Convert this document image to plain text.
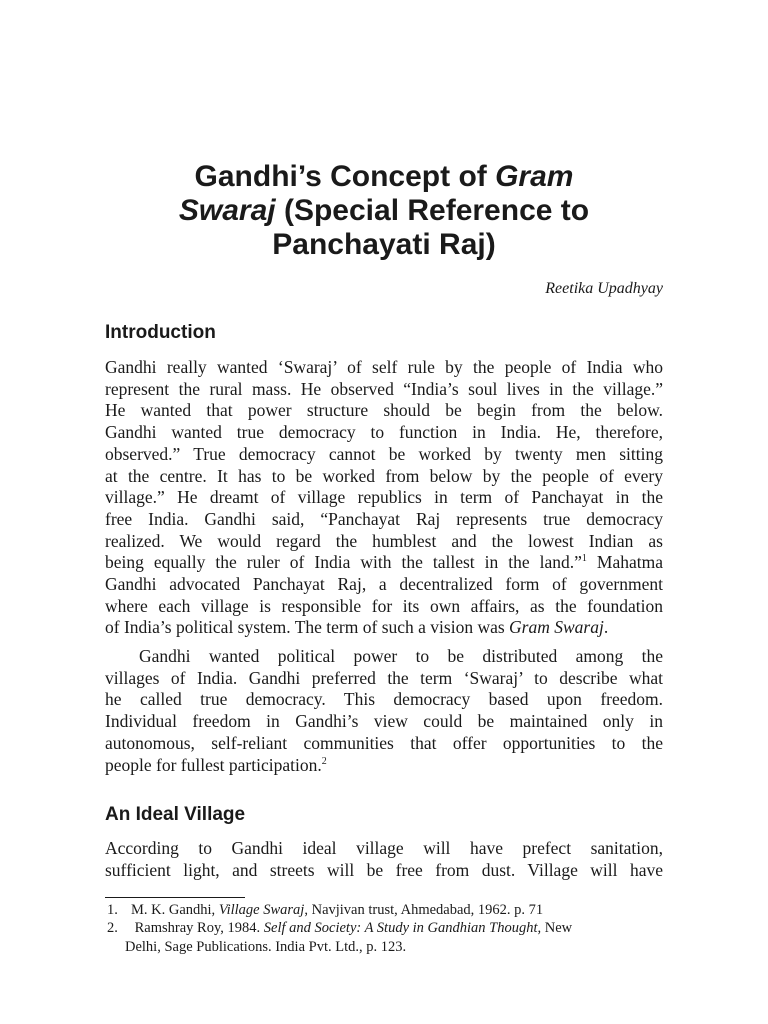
Gandhi’s Concept of Gram
Swaraj (Special Reference to
Panchayati Raj)
Reetika Upadhyay
Introduction
Gandhi really wanted ‘Swaraj’ of self rule by the people of India who
represent the rural mass. He observed “India’s soul lives in the village.”
He wanted that power structure should be begin from the below.
Gandhi wanted true democracy to function in India. He, therefore,
observed.” True democracy cannot be worked by twenty men sitting
at the centre. It has to be worked from below by the people of every
village.” He dreamt of village republics in term of Panchayat in the
free India. Gandhi said, “Panchayat Raj represents true democracy
realized. We would regard the humblest and the lowest Indian as
being equally the ruler of India with the tallest in the land.”$^1$ Mahatma
Gandhi advocated Panchayat Raj, a decentralized form of government
where each village is responsible for its own affairs, as the foundation
of India’s political system. The term of such a vision was Gram Swaraj.
Gandhi wanted political power to be distributed among the
villages of India. Gandhi preferred the term ‘Swaraj’ to describe what
he called true democracy. This democracy based upon freedom.
Individual freedom in Gandhi’s view could be maintained only in
autonomous, self-reliant communities that offer opportunities to the
people for fullest participation.$^2$
An Ideal Village
According to Gandhi ideal village will have prefect sanitation,
sufficient light, and streets will be free from dust. Village will have
1. M. K. Gandhi, Village Swaraj, Navjivan trust, Ahmedabad, 1962. p. 71
2. Ramshray Roy, 1984. Self and Society: A Study in Gandhian Thought, New
Delhi, Sage Publications. India Pvt. Ltd., p. 123.
